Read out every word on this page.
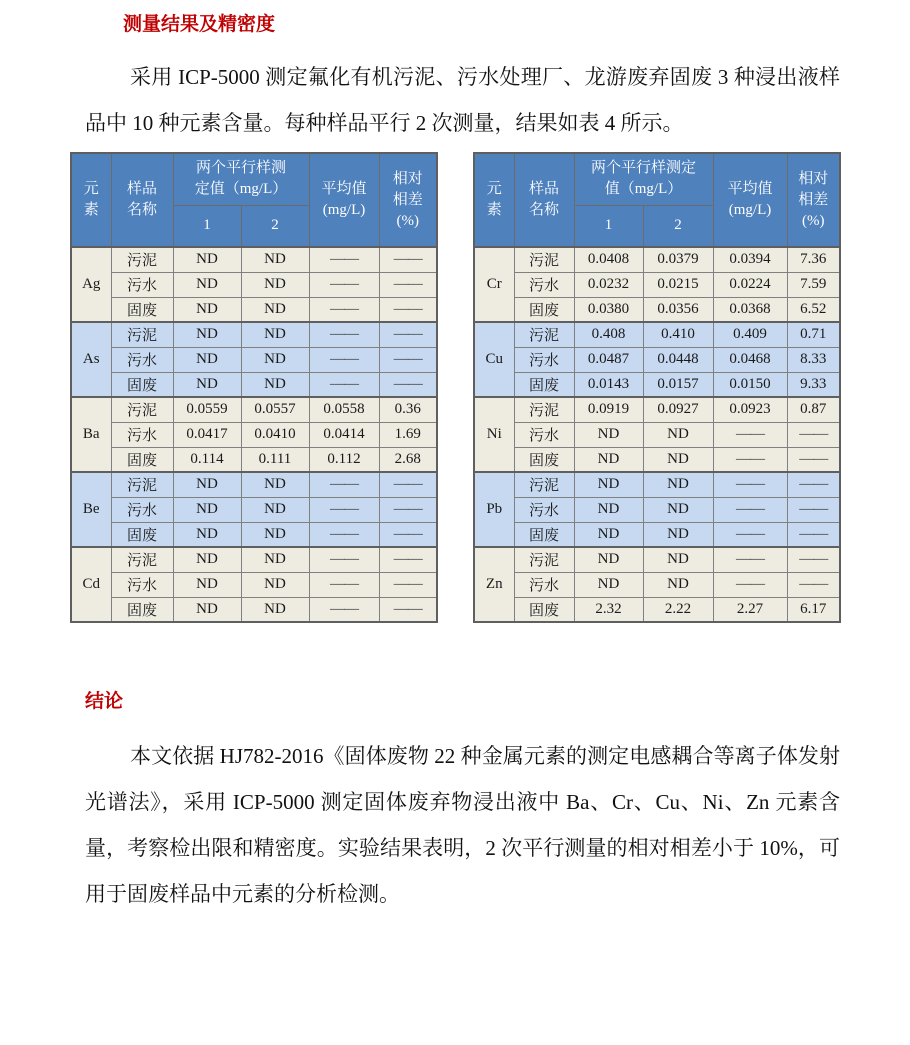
测量结果及精密度

采用 ICP-5000 测定氟化有机污泥、污水处理厂、龙游废弃固废 3 种浸出液样品中 10 种元素含量。每种样品平行 2 次测量，结果如表 4 所示。

元素	样品名称	两个平行样测定值（mg/L）		平均值 (mg/L)	相对相差 (%)
		1	2		
Ag	污泥	ND	ND	——	——
	污水	ND	ND	——	——
	固废	ND	ND	——	——
As	污泥	ND	ND	——	——
	污水	ND	ND	——	——
	固废	ND	ND	——	——
Ba	污泥	0.0559	0.0557	0.0558	0.36
	污水	0.0417	0.0410	0.0414	1.69
	固废	0.114	0.111	0.112	2.68
Be	污泥	ND	ND	——	——
	污水	ND	ND	——	——
	固废	ND	ND	——	——
Cd	污泥	ND	ND	——	——
	污水	ND	ND	——	——
	固废	ND	ND	——	——
元素	样品名称	两个平行样测定值（mg/L）		平均值 (mg/L)	相对相差 (%)
		1	2		
Cr	污泥	0.0408	0.0379	0.0394	7.36
	污水	0.0232	0.0215	0.0224	7.59
	固废	0.0380	0.0356	0.0368	6.52
Cu	污泥	0.408	0.410	0.409	0.71
	污水	0.0487	0.0448	0.0468	8.33
	固废	0.0143	0.0157	0.0150	9.33
Ni	污泥	0.0919	0.0927	0.0923	0.87
	污水	ND	ND	——	——
	固废	ND	ND	——	——
Pb	污泥	ND	ND	——	——
	污水	ND	ND	——	——
	固废	ND	ND	——	——
Zn	污泥	ND	ND	——	——
	污水	ND	ND	——	——
	固废	2.32	2.22	2.27	6.17
结论

本文依据 HJ782-2016《固体废物 22 种金属元素的测定电感耦合等离子体发射光谱法》，采用 ICP-5000 测定固体废弃物浸出液中 Ba、Cr、Cu、Ni、Zn 元素含量，考察检出限和精密度。实验结果表明，2 次平行测量的相对相差小于 10%，可用于固废样品中元素的分析检测。
